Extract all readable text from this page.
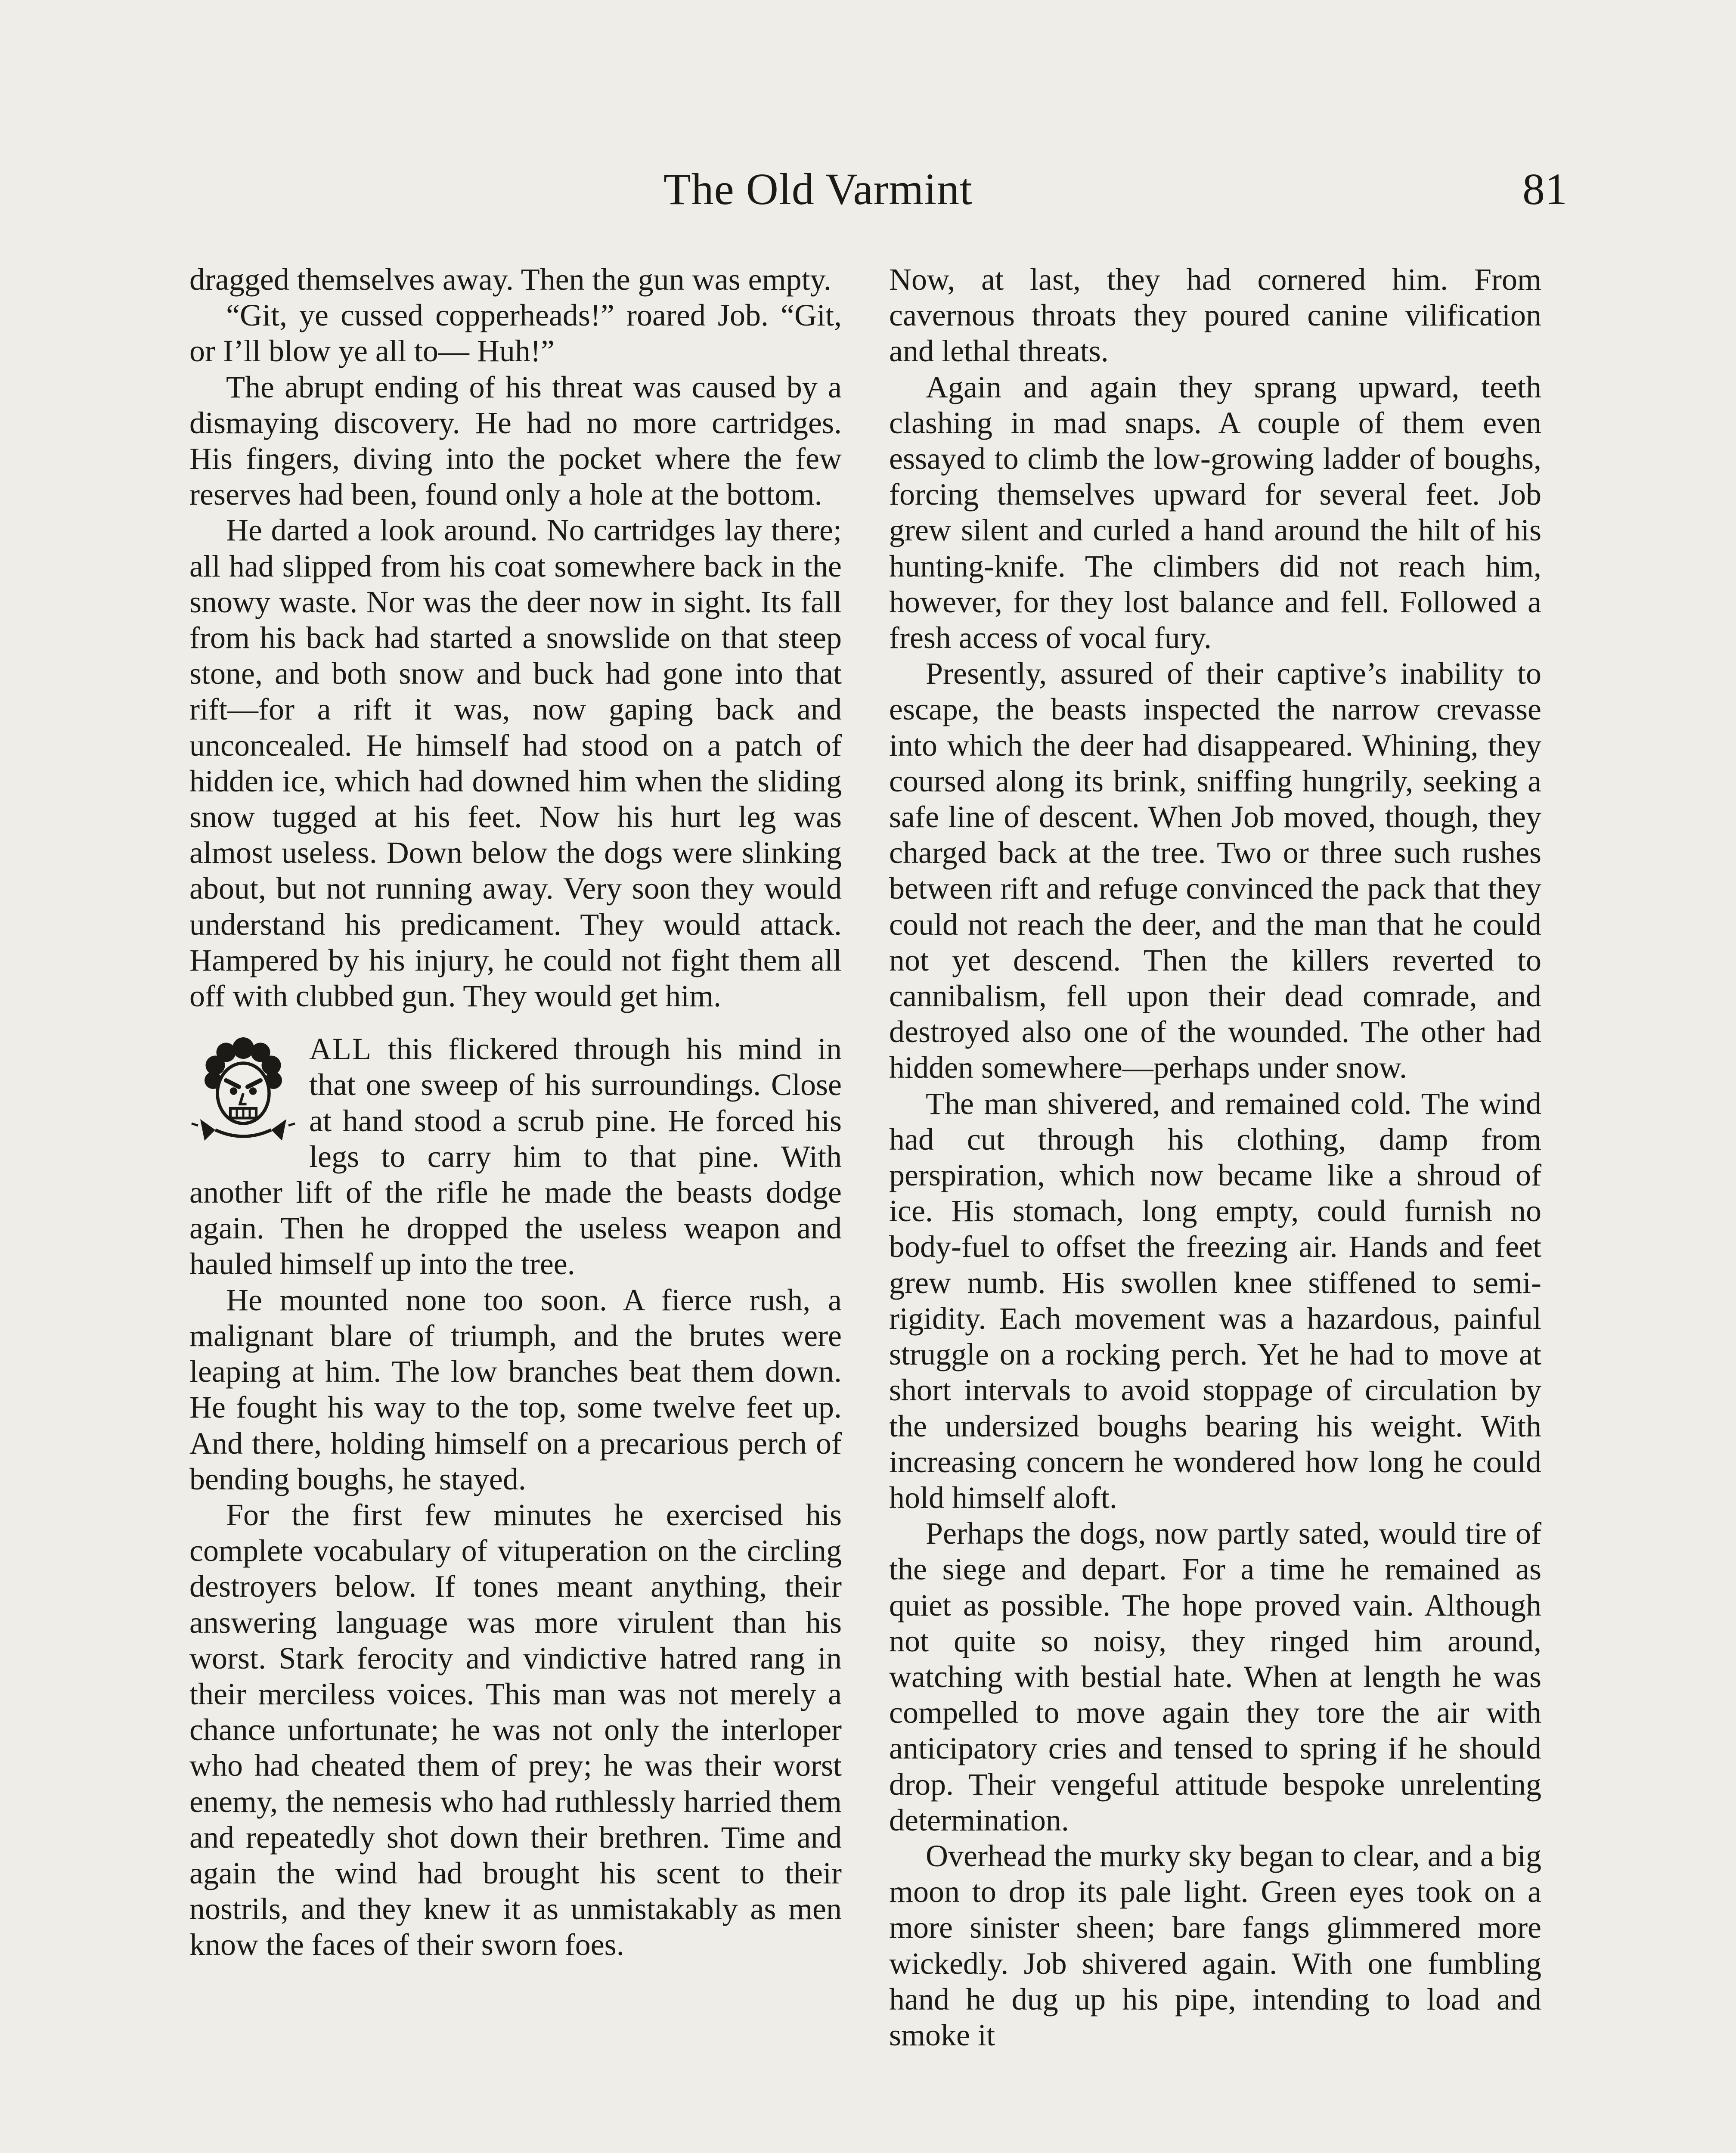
The Old Varmint	81

dragged themselves away. Then the gun was empty.

“Git, ye cussed copperheads!” roared Job. “Git, or I’ll blow ye all to— Huh!”

The abrupt ending of his threat was caused by a dismaying discovery. He had no more cartridges. His fingers, diving into the pocket where the few reserves had been, found only a hole at the bottom.

He darted a look around. No cartridges lay there; all had slipped from his coat somewhere back in the snowy waste. Nor was the deer now in sight. Its fall from his back had started a snowslide on that steep stone, and both snow and buck had gone into that rift—for a rift it was, now gaping back and unconcealed. He himself had stood on a patch of hidden ice, which had downed him when the sliding snow tugged at his feet. Now his hurt leg was almost useless. Down below the dogs were slinking about, but not running away. Very soon they would understand his predicament. They would attack. Hampered by his injury, he could not fight them all off with clubbed gun. They would get him.

ALL this flickered through his mind in that one sweep of his surroundings. Close at hand stood a scrub pine. He forced his legs to carry him to that pine. With another lift of the rifle he made the beasts dodge again. Then he dropped the useless weapon and hauled himself up into the tree.

He mounted none too soon. A fierce rush, a malignant blare of triumph, and the brutes were leaping at him. The low branches beat them down. He fought his way to the top, some twelve feet up. And there, holding himself on a precarious perch of bending boughs, he stayed.

For the first few minutes he exercised his complete vocabulary of vituperation on the circling destroyers below. If tones meant anything, their answering language was more virulent than his worst. Stark ferocity and vindictive hatred rang in their merciless voices. This man was not merely a chance unfortunate; he was not only the interloper who had cheated them of prey; he was their worst enemy, the nemesis who had ruthlessly harried them and repeatedly shot down their brethren. Time and again the wind had brought his scent to their nostrils, and they knew it as unmistakably as men know the faces of their sworn foes.

Now, at last, they had cornered him. From cavernous throats they poured canine vilification and lethal threats.

Again and again they sprang upward, teeth clashing in mad snaps. A couple of them even essayed to climb the low-growing ladder of boughs, forcing themselves upward for several feet. Job grew silent and curled a hand around the hilt of his hunting-knife. The climbers did not reach him, however, for they lost balance and fell. Followed a fresh access of vocal fury.

Presently, assured of their captive’s inability to escape, the beasts inspected the narrow crevasse into which the deer had disappeared. Whining, they coursed along its brink, sniffing hungrily, seeking a safe line of descent. When Job moved, though, they charged back at the tree. Two or three such rushes between rift and refuge convinced the pack that they could not reach the deer, and the man that he could not yet descend. Then the killers reverted to cannibalism, fell upon their dead comrade, and destroyed also one of the wounded. The other had hidden somewhere—perhaps under snow.

The man shivered, and remained cold. The wind had cut through his clothing, damp from perspiration, which now became like a shroud of ice. His stomach, long empty, could furnish no body-fuel to offset the freezing air. Hands and feet grew numb. His swollen knee stiffened to semi-rigidity. Each movement was a hazardous, painful struggle on a rocking perch. Yet he had to move at short intervals to avoid stoppage of circulation by the undersized boughs bearing his weight. With increasing concern he wondered how long he could hold himself aloft.

Perhaps the dogs, now partly sated, would tire of the siege and depart. For a time he remained as quiet as possible. The hope proved vain. Although not quite so noisy, they ringed him around, watching with bestial hate. When at length he was compelled to move again they tore the air with anticipatory cries and tensed to spring if he should drop. Their vengeful attitude bespoke unrelenting determination.

Overhead the murky sky began to clear, and a big moon to drop its pale light. Green eyes took on a more sinister sheen; bare fangs glimmered more wickedly. Job shivered again. With one fumbling hand he dug up his pipe, intending to load and smoke it
